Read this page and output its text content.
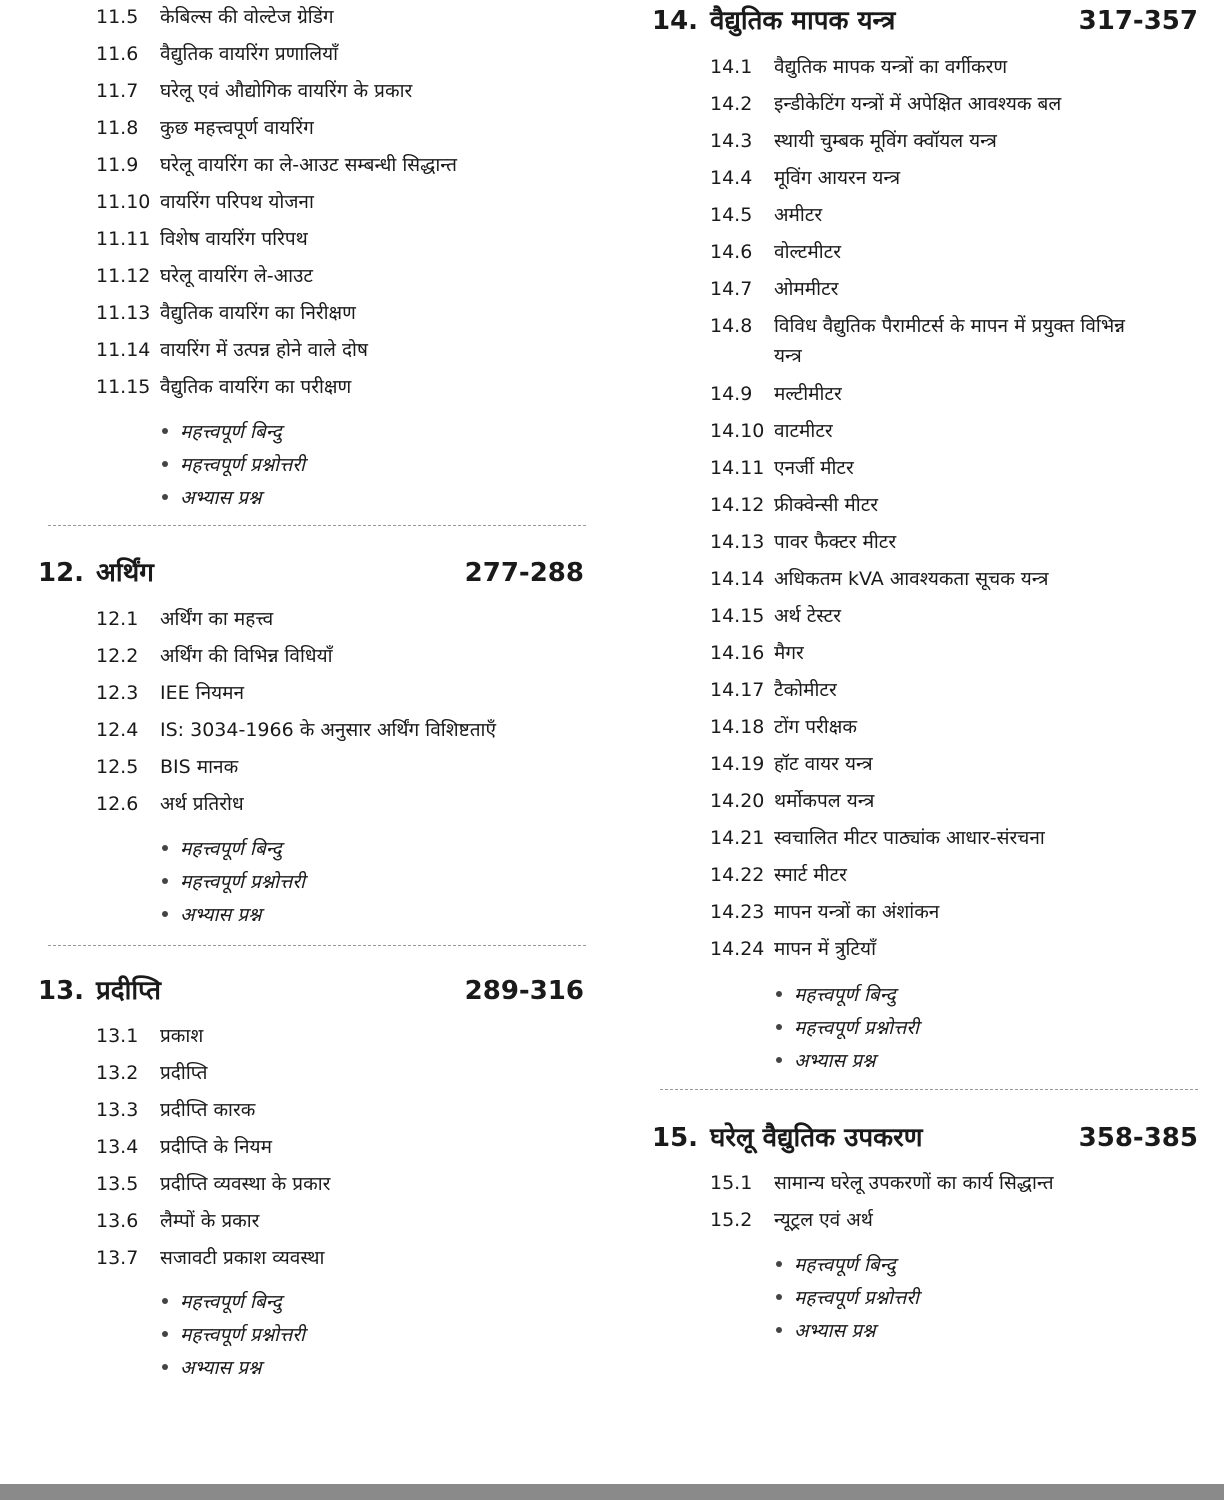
11.5 केबिल्स की वोल्टेज ग्रेडिंग
11.6 वैद्युतिक वायरिंग प्रणालियाँ
11.7 घरेलू एवं औद्योगिक वायरिंग के प्रकार
11.8 कुछ महत्त्वपूर्ण वायरिंग
11.9 घरेलू वायरिंग का ले-आउट सम्बन्धी सिद्धान्त
11.10 वायरिंग परिपथ योजना
11.11 विशेष वायरिंग परिपथ
11.12 घरेलू वायरिंग ले-आउट
11.13 वैद्युतिक वायरिंग का निरीक्षण
11.14 वायरिंग में उत्पन्न होने वाले दोष
11.15 वैद्युतिक वायरिंग का परीक्षण
महत्त्वपूर्ण बिन्दु
महत्त्वपूर्ण प्रश्नोत्तरी
अभ्यास प्रश्न
12. अर्थिंग	277-288
12.1 अर्थिंग का महत्त्व
12.2 अर्थिंग की विभिन्न विधियाँ
12.3 IEE नियमन
12.4 IS: 3034-1966 के अनुसार अर्थिंग विशिष्टताएँ
12.5 BIS मानक
12.6 अर्थ प्रतिरोध
महत्त्वपूर्ण बिन्दु
महत्त्वपूर्ण प्रश्नोत्तरी
अभ्यास प्रश्न
13. प्रदीप्ति	289-316
13.1 प्रकाश
13.2 प्रदीप्ति
13.3 प्रदीप्ति कारक
13.4 प्रदीप्ति के नियम
13.5 प्रदीप्ति व्यवस्था के प्रकार
13.6 लैम्पों के प्रकार
13.7 सजावटी प्रकाश व्यवस्था
महत्त्वपूर्ण बिन्दु
महत्त्वपूर्ण प्रश्नोत्तरी
अभ्यास प्रश्न
14. वैद्युतिक मापक यन्त्र	317-357
14.1 वैद्युतिक मापक यन्त्रों का वर्गीकरण
14.2 इन्डीकेटिंग यन्त्रों में अपेक्षित आवश्यक बल
14.3 स्थायी चुम्बक मूविंग क्वॉयल यन्त्र
14.4 मूविंग आयरन यन्त्र
14.5 अमीटर
14.6 वोल्टमीटर
14.7 ओममीटर
14.8 विविध वैद्युतिक पैरामीटर्स के मापन में प्रयुक्त विभिन्न यन्त्र
14.9 मल्टीमीटर
14.10 वाटमीटर
14.11 एनर्जी मीटर
14.12 फ्रीक्वेन्सी मीटर
14.13 पावर फैक्टर मीटर
14.14 अधिकतम kVA आवश्यकता सूचक यन्त्र
14.15 अर्थ टेस्टर
14.16 मैगर
14.17 टैकोमीटर
14.18 टोंग परीक्षक
14.19 हॉट वायर यन्त्र
14.20 थर्मोकपल यन्त्र
14.21 स्वचालित मीटर पाठ्यांक आधार-संरचना
14.22 स्मार्ट मीटर
14.23 मापन यन्त्रों का अंशांकन
14.24 मापन में त्रुटियाँ
महत्त्वपूर्ण बिन्दु
महत्त्वपूर्ण प्रश्नोत्तरी
अभ्यास प्रश्न
15. घरेलू वैद्युतिक उपकरण	358-385
15.1 सामान्य घरेलू उपकरणों का कार्य सिद्धान्त
15.2 न्यूट्रल एवं अर्थ
महत्त्वपूर्ण बिन्दु
महत्त्वपूर्ण प्रश्नोत्तरी
अभ्यास प्रश्न
